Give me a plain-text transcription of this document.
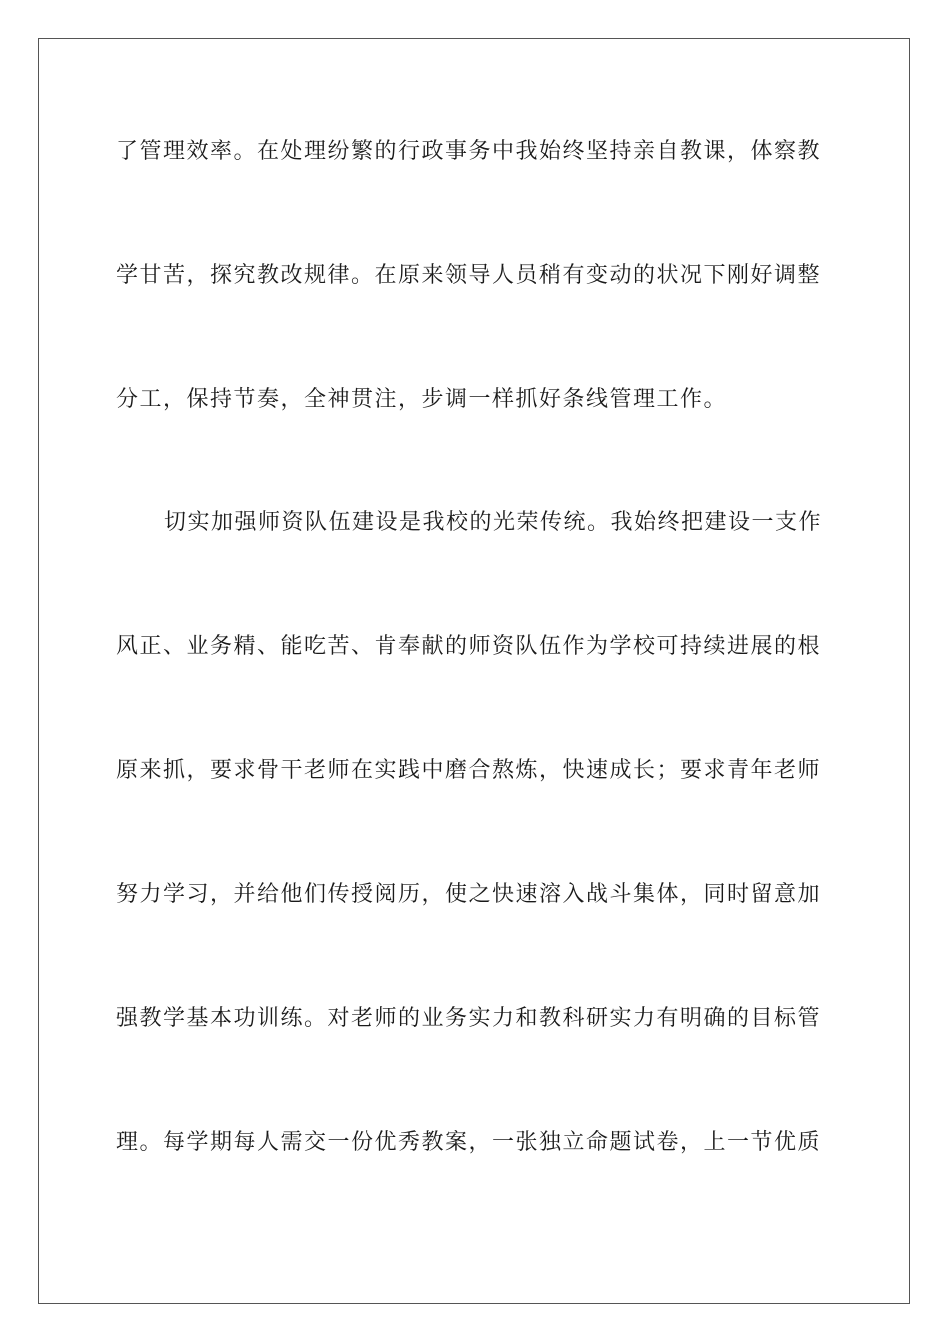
了管理效率。在处理纷繁的行政事务中我始终坚持亲自教课，体察教

学甘苦，探究教改规律。在原来领导人员稍有变动的状况下刚好调整

分工，保持节奏，全神贯注，步调一样抓好条线管理工作。

切实加强师资队伍建设是我校的光荣传统。我始终把建设一支作

风正、业务精、能吃苦、肯奉献的师资队伍作为学校可持续进展的根

原来抓，要求骨干老师在实践中磨合熬炼，快速成长；要求青年老师

努力学习，并给他们传授阅历，使之快速溶入战斗集体，同时留意加

强教学基本功训练。对老师的业务实力和教科研实力有明确的目标管

理。每学期每人需交一份优秀教案，一张独立命题试卷，上一节优质
